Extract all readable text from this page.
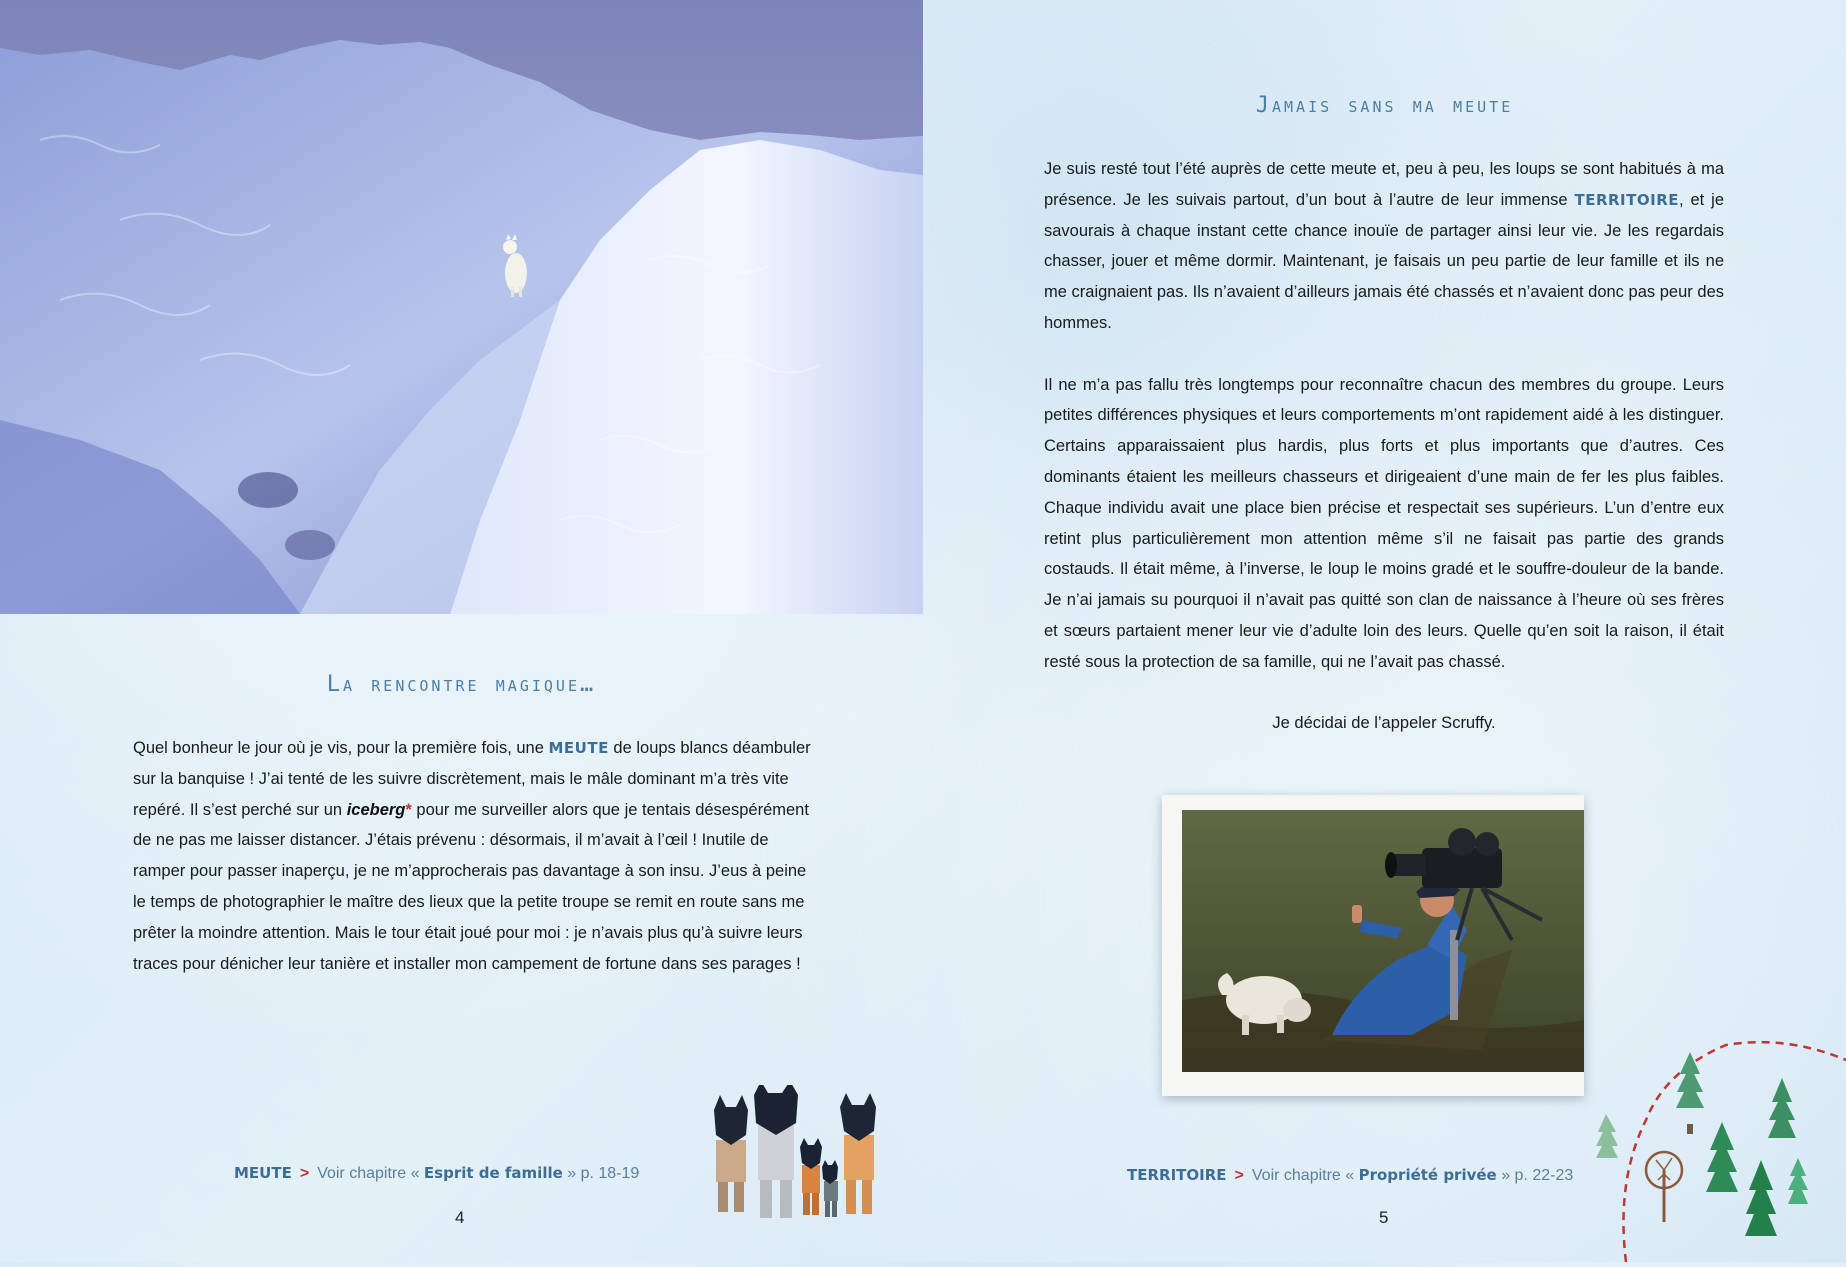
La rencontre magique…

Quel bonheur le jour où je vis, pour la première fois, une MEUTE de loups blancs déambuler sur la banquise ! J’ai tenté de les suivre discrètement, mais le mâle dominant m’a très vite repéré. Il s’est perché sur un iceberg* pour me surveiller alors que je tentais désespérément de ne pas me laisser distancer. J’étais prévenu : désormais, il m’avait à l’œil ! Inutile de ramper pour passer inaperçu, je ne m’approcherais pas davantage à son insu. J’eus à peine le temps de photographier le maître des lieux que la petite troupe se remit en route sans me prêter la moindre attention. Mais le tour était joué pour moi : je n’avais plus qu’à suivre leurs traces pour dénicher leur tanière et installer mon campement de fortune dans ses parages !

MEUTE > Voir chapitre « Esprit de famille » p. 18-19
4
Jamais sans ma meute

Je suis resté tout l’été auprès de cette meute et, peu à peu, les loups se sont habitués à ma présence. Je les suivais partout, d’un bout à l’autre de leur immense TERRITOIRE, et je savourais à chaque instant cette chance inouïe de partager ainsi leur vie. Je les regardais chasser, jouer et même dormir. Maintenant, je faisais un peu partie de leur famille et ils ne me craignaient pas. Ils n’avaient d’ailleurs jamais été chassés et n’avaient donc pas peur des hommes.

Il ne m’a pas fallu très longtemps pour reconnaître chacun des membres du groupe. Leurs petites différences physiques et leurs comportements m’ont rapidement aidé à les distinguer. Certains apparaissaient plus hardis, plus forts et plus importants que d’autres. Ces dominants étaient les meilleurs chasseurs et dirigeaient d’une main de fer les plus faibles. Chaque individu avait une place bien précise et respectait ses supérieurs. L’un d’entre eux retint plus particulièrement mon attention même s’il ne faisait pas partie des grands costauds. Il était même, à l’inverse, le loup le moins gradé et le souffre-douleur de la bande. Je n’ai jamais su pourquoi il n’avait pas quitté son clan de naissance à l’heure où ses frères et sœurs partaient mener leur vie d’adulte loin des leurs. Quelle qu’en soit la raison, il était resté sous la protection de sa famille, qui ne l’avait pas chassé.

Je décidai de l’appeler Scruffy.

TERRITOIRE > Voir chapitre « Propriété privée » p. 22-23
5
